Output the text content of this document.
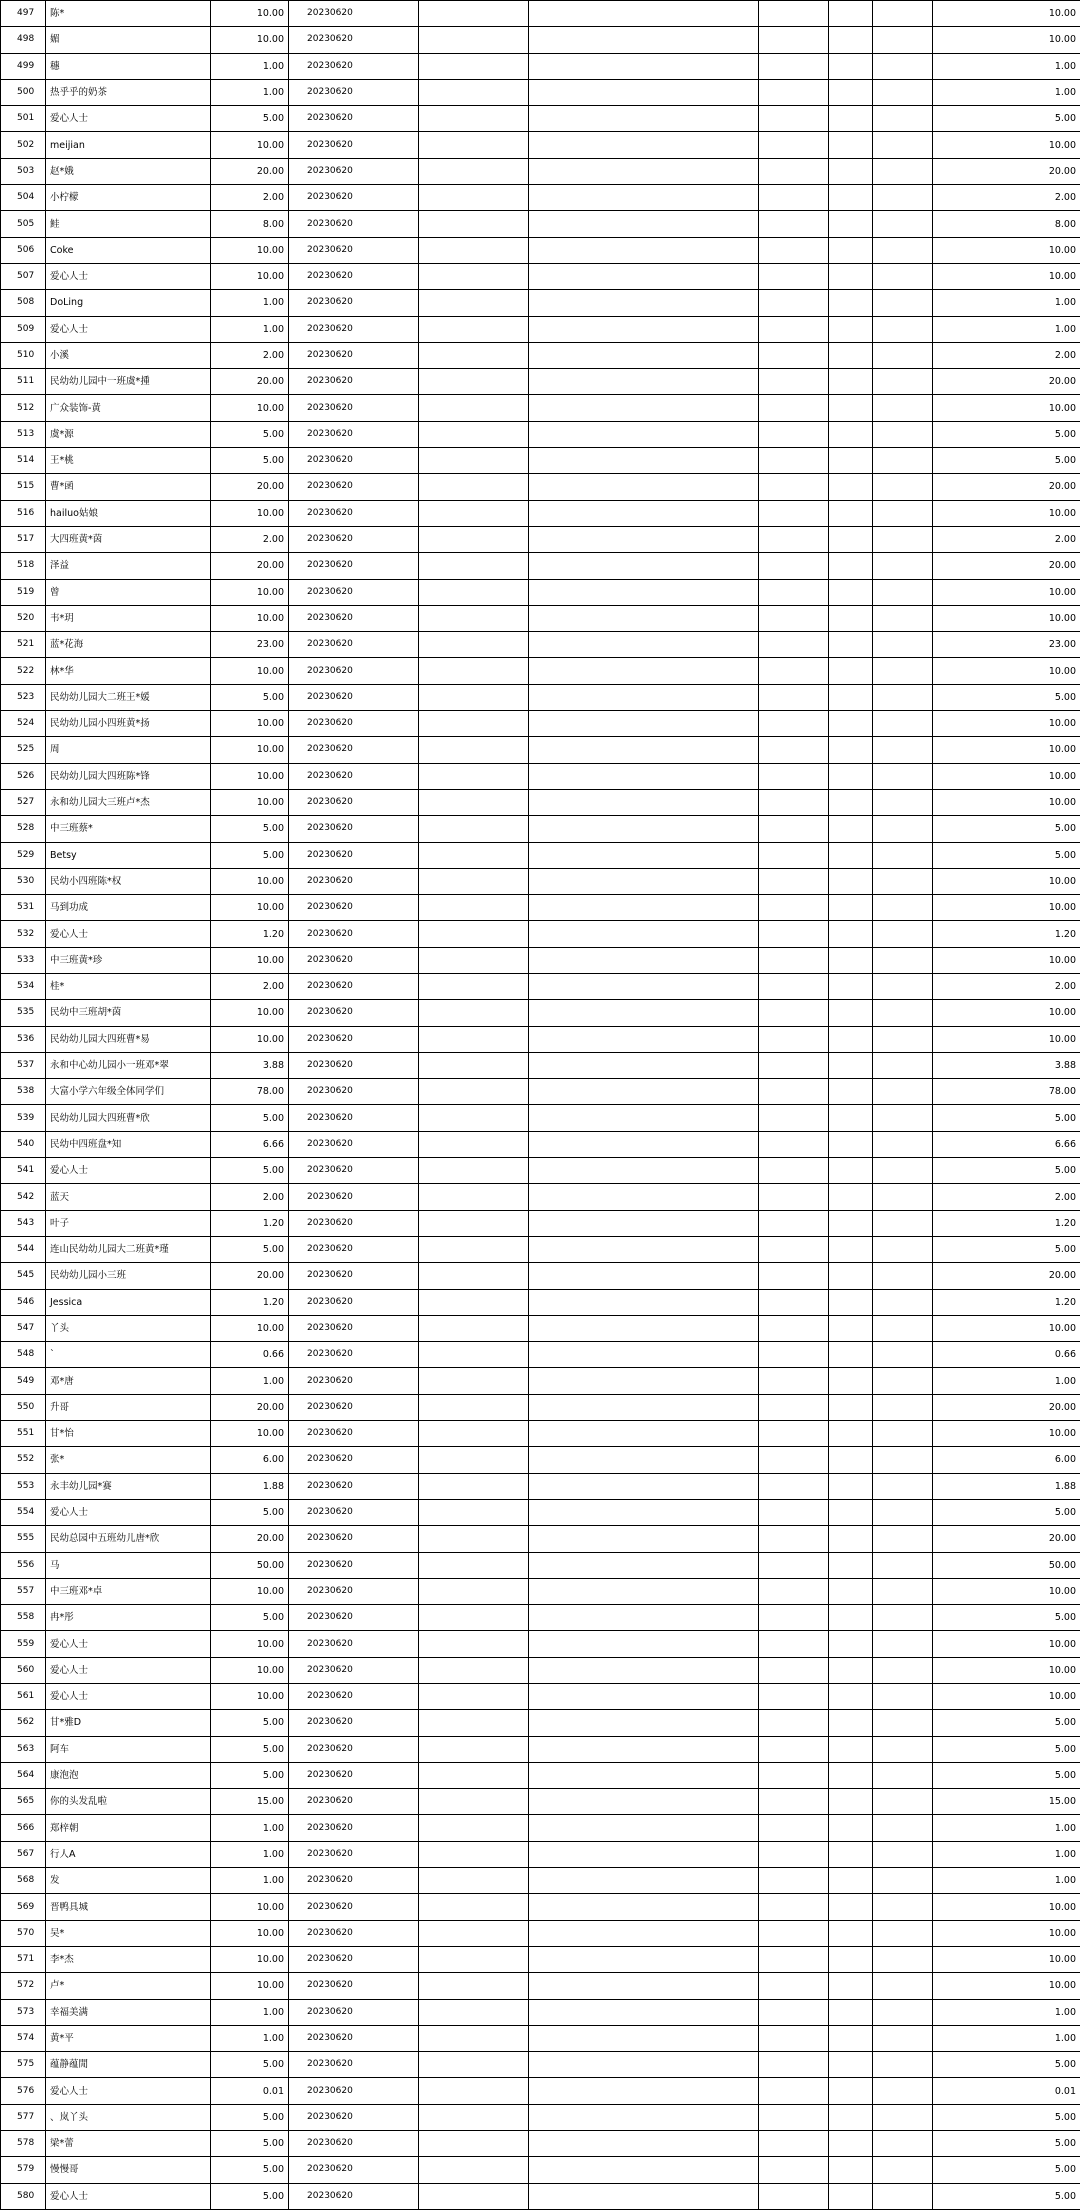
497	陈*	10.00	20230620						10.00	
498	媚	10.00	20230620						10.00	
499	穗	1.00	20230620						1.00	
500	热乎乎的奶茶	1.00	20230620						1.00	
501	爱心人士	5.00	20230620						5.00	
502	meijian	10.00	20230620						10.00	
503	赵*娥	20.00	20230620						20.00	
504	小柠檬	2.00	20230620						2.00	
505	鲑	8.00	20230620						8.00	
506	Coke	10.00	20230620						10.00	
507	爱心人士	10.00	20230620						10.00	
508	DoLing	1.00	20230620						1.00	
509	爱心人士	1.00	20230620						1.00	
510	小溪	2.00	20230620						2.00	
511	民幼幼儿园中一班虞*揰	20.00	20230620						20.00	
512	广众装饰-黄	10.00	20230620						10.00	
513	虞*源	5.00	20230620						5.00	
514	王*桃	5.00	20230620						5.00	
515	曹*函	20.00	20230620						20.00	
516	hailuo姑娘	10.00	20230620						10.00	
517	大四班黄*茵	2.00	20230620						2.00	
518	泽益	20.00	20230620						20.00	
519	曾	10.00	20230620						10.00	
520	韦*玥	10.00	20230620						10.00	
521	蓝*花海	23.00	20230620						23.00	
522	林*华	10.00	20230620						10.00	
523	民幼幼儿园大二班王*媛	5.00	20230620						5.00	
524	民幼幼儿园小四班黄*扬	10.00	20230620						10.00	
525	周	10.00	20230620						10.00	
526	民幼幼儿园大四班陈*锋	10.00	20230620						10.00	
527	永和幼儿园大三班卢*杰	10.00	20230620						10.00	
528	中三班蔡*	5.00	20230620						5.00	
529	Betsy	5.00	20230620						5.00	
530	民幼小四班陈*权	10.00	20230620						10.00	
531	马到功成	10.00	20230620						10.00	
532	爱心人士	1.20	20230620						1.20	
533	中三班黄*珍	10.00	20230620						10.00	
534	桂*	2.00	20230620						2.00	
535	民幼中三班胡*茵	10.00	20230620						10.00	
536	民幼幼儿园大四班曹*易	10.00	20230620						10.00	
537	永和中心幼儿园小一班邓*翠	3.88	20230620						3.88	
538	大富小学六年级全体同学们	78.00	20230620						78.00	
539	民幼幼儿园大四班曹*欣	5.00	20230620						5.00	
540	民幼中四班盘*知	6.66	20230620						6.66	
541	爱心人士	5.00	20230620						5.00	
542	蓝天	2.00	20230620						2.00	
543	叶子	1.20	20230620						1.20	
544	连山民幼幼儿园大二班黄*瑾	5.00	20230620						5.00	
545	民幼幼儿园小三班	20.00	20230620						20.00	
546	Jessica	1.20	20230620						1.20	
547	丫头	10.00	20230620						10.00	
548	`	0.66	20230620						0.66	
549	邓*唐	1.00	20230620						1.00	
550	升哥	20.00	20230620						20.00	
551	甘*怡	10.00	20230620						10.00	
552	张*	6.00	20230620						6.00	
553	永丰幼儿园*赛	1.88	20230620						1.88	
554	爱心人士	5.00	20230620						5.00	
555	民幼总园中五班幼儿唐*欣	20.00	20230620						20.00	
556	马	50.00	20230620						50.00	
557	中三班邓*卓	10.00	20230620						10.00	
558	冉*彤	5.00	20230620						5.00	
559	爱心人士	10.00	20230620						10.00	
560	爱心人士	10.00	20230620						10.00	
561	爱心人士	10.00	20230620						10.00	
562	甘*雅D	5.00	20230620						5.00	
563	阿车	5.00	20230620						5.00	
564	康泡泡	5.00	20230620						5.00	
565	你的头发乱啦	15.00	20230620						15.00	
566	郑梓朝	1.00	20230620						1.00	
567	行人A	1.00	20230620						1.00	
568	发	1.00	20230620						1.00	
569	晋鸭具城	10.00	20230620						10.00	
570	吴*	10.00	20230620						10.00	
571	李*杰	10.00	20230620						10.00	
572	卢*	10.00	20230620						10.00	
573	幸福美满	1.00	20230620						1.00	
574	黄*平	1.00	20230620						1.00	
575	蕴静蕴閒	5.00	20230620						5.00	
576	爱心人士	0.01	20230620						0.01	
577	、岚丫头	5.00	20230620						5.00	
578	梁*蕾	5.00	20230620						5.00	
579	慢慢哥	5.00	20230620						5.00	
580	爱心人士	5.00	20230620						5.00	
